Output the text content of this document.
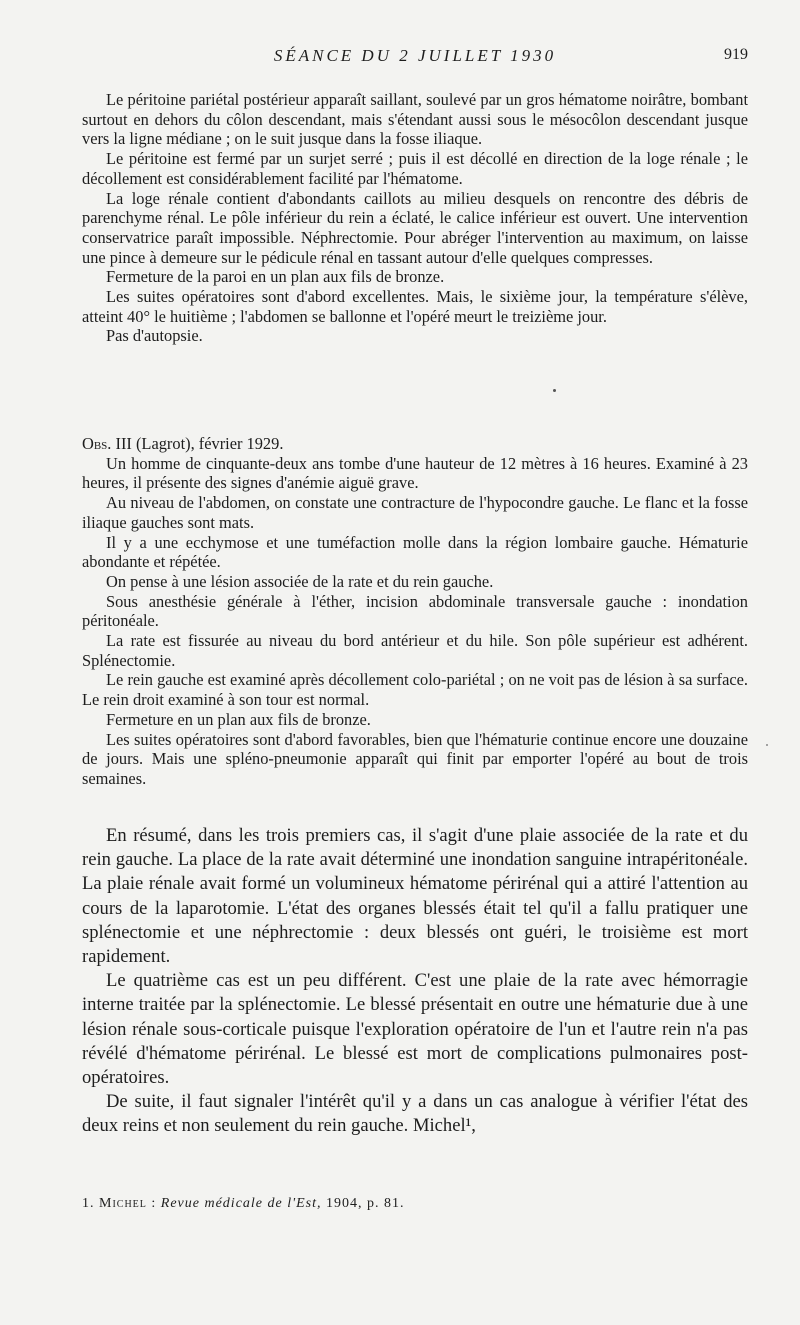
SÉANCE DU 2 JUILLET 1930	919

Le péritoine pariétal postérieur apparaît saillant, soulevé par un gros hématome noirâtre, bombant surtout en dehors du côlon descendant, mais s'étendant aussi sous le mésocôlon descendant jusque vers la ligne médiane ; on le suit jusque dans la fosse iliaque.

Le péritoine est fermé par un surjet serré ; puis il est décollé en direction de la loge rénale ; le décollement est considérablement facilité par l'hématome.

La loge rénale contient d'abondants caillots au milieu desquels on rencontre des débris de parenchyme rénal. Le pôle inférieur du rein a éclaté, le calice inférieur est ouvert. Une intervention conservatrice paraît impossible. Néphrectomie. Pour abréger l'intervention au maximum, on laisse une pince à demeure sur le pédicule rénal en tassant autour d'elle quelques compresses.

Fermeture de la paroi en un plan aux fils de bronze.

Les suites opératoires sont d'abord excellentes. Mais, le sixième jour, la température s'élève, atteint 40° le huitième ; l'abdomen se ballonne et l'opéré meurt le treizième jour.

Pas d'autopsie.

Obs. III (Lagrot), février 1929.

Un homme de cinquante-deux ans tombe d'une hauteur de 12 mètres à 16 heures. Examiné à 23 heures, il présente des signes d'anémie aiguë grave.

Au niveau de l'abdomen, on constate une contracture de l'hypocondre gauche. Le flanc et la fosse iliaque gauches sont mats.

Il y a une ecchymose et une tuméfaction molle dans la région lombaire gauche. Hématurie abondante et répétée.

On pense à une lésion associée de la rate et du rein gauche.

Sous anesthésie générale à l'éther, incision abdominale transversale gauche : inondation péritonéale.

La rate est fissurée au niveau du bord antérieur et du hile. Son pôle supérieur est adhérent. Splénectomie.

Le rein gauche est examiné après décollement colo-pariétal ; on ne voit pas de lésion à sa surface. Le rein droit examiné à son tour est normal.

Fermeture en un plan aux fils de bronze.

Les suites opératoires sont d'abord favorables, bien que l'hématurie continue encore une douzaine de jours. Mais une spléno-pneumonie apparaît qui finit par emporter l'opéré au bout de trois semaines.

En résumé, dans les trois premiers cas, il s'agit d'une plaie associée de la rate et du rein gauche. La place de la rate avait déterminé une inondation sanguine intrapéritonéale. La plaie rénale avait formé un volumineux hématome périrénal qui a attiré l'attention au cours de la laparotomie. L'état des organes blessés était tel qu'il a fallu pratiquer une splénectomie et une néphrectomie : deux blessés ont guéri, le troisième est mort rapidement.

Le quatrième cas est un peu différent. C'est une plaie de la rate avec hémorragie interne traitée par la splénectomie. Le blessé présentait en outre une hématurie due à une lésion rénale sous-corticale puisque l'exploration opératoire de l'un et l'autre rein n'a pas révélé d'hématome périrénal. Le blessé est mort de complications pulmonaires post-opératoires.

De suite, il faut signaler l'intérêt qu'il y a dans un cas analogue à vérifier l'état des deux reins et non seulement du rein gauche. Michel¹,

1. Michel : Revue médicale de l'Est, 1904, p. 81.
